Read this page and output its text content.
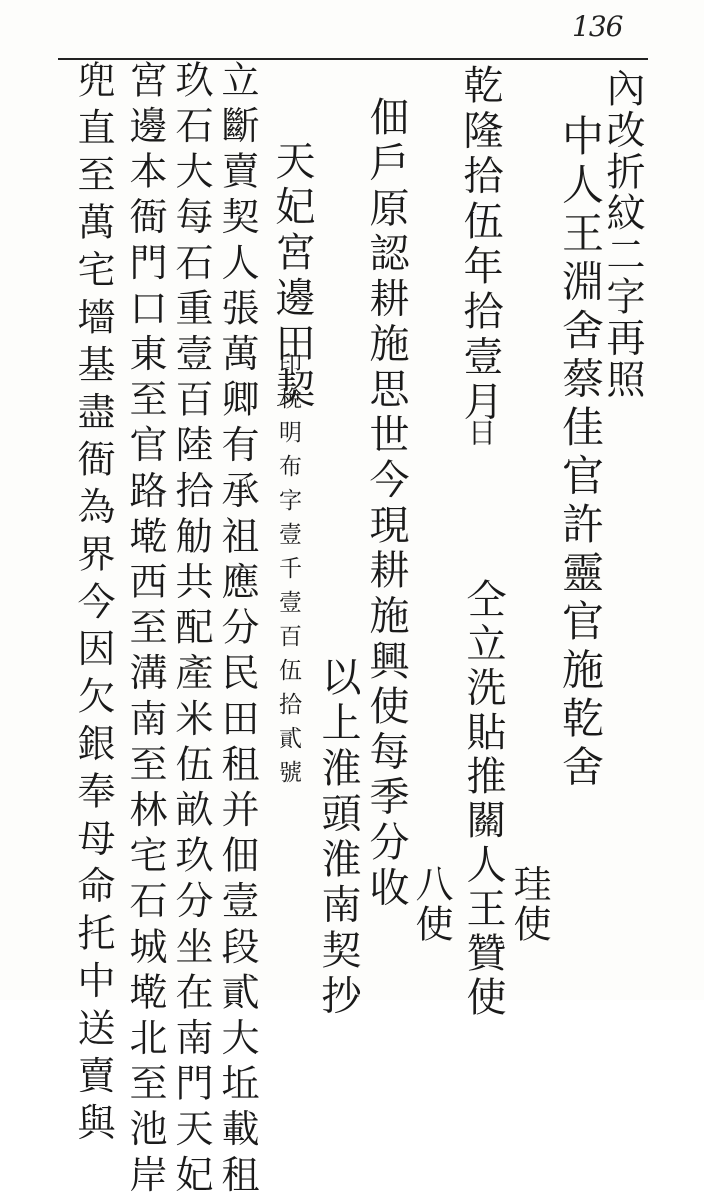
136
內改折紋二字再照
中人王淵舍蔡佳官許靈官施乾舍
乾隆拾伍年拾壹月
日
仝立洗貼推關人王贊使 珪使
八使
佃戶原認耕施思世今現耕施興使每季分收
以上淮頭淮南契抄
天妃宮邊田契
印稅明布字壹千壹百伍拾貳號
立斷賣契人張萬卿有承祖應分民田租并佃壹段貳大坵載租
玖石大每石重壹百陸拾觔共配產米伍畝玖分坐在南門天妃
宮邊本衙門口東至官路墘西至溝南至林宅石城墘北至池岸
兜直至萬宅墻基盡衙為界今因欠銀奉母命托中送賣與
